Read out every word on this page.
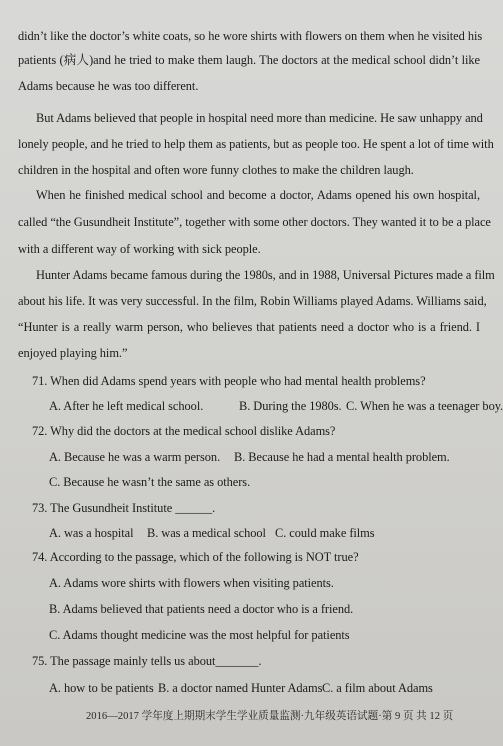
didn’t like the doctor’s white coats, so he wore shirts with flowers on them when he visited his
patients (病人)and he tried to make them laugh. The doctors at the medical school didn’t like
Adams because he was too different.
But Adams believed that people in hospital need more than medicine. He saw unhappy and
lonely people, and he tried to help them as patients, but as people too. He spent a lot of time with
children in the hospital and often wore funny clothes to make the children laugh.
When he finished medical school and become a doctor, Adams opened his own hospital,
called “the Gusundheit Institute”, together with some other doctors. They wanted it to be a place
with a different way of working with sick people.
Hunter Adams became famous during the 1980s, and in 1988, Universal Pictures made a film
about his life. It was very successful. In the film, Robin Williams played Adams. Williams said,
“Hunter is a really warm person, who believes that patients need a doctor who is a friend. I
enjoyed playing him.”
71. When did Adams spend years with people who had mental health problems?
A. After he left medical school.	B. During the 1980s. C. When he was a teenager boy.
72. Why did the doctors at the medical school dislike Adams?
A. Because he was a warm person. B. Because he had a mental health problem.
C. Because he wasn’t the same as others.
73. The Gusundheit Institute ______.
A. was a hospital B. was a medical school C. could make films
74. According to the passage, which of the following is NOT true?
A. Adams wore shirts with flowers when visiting patients.
B. Adams believed that patients need a doctor who is a friend.
C. Adams thought medicine was the most helpful for patients
75. The passage mainly tells us about_______.
A. how to be patients B. a doctor named Hunter Adams C. a film about Adams
2016—2017 学年度上期期末学生学业质量监测·九年级英语试题·第 9 页 共 12 页
